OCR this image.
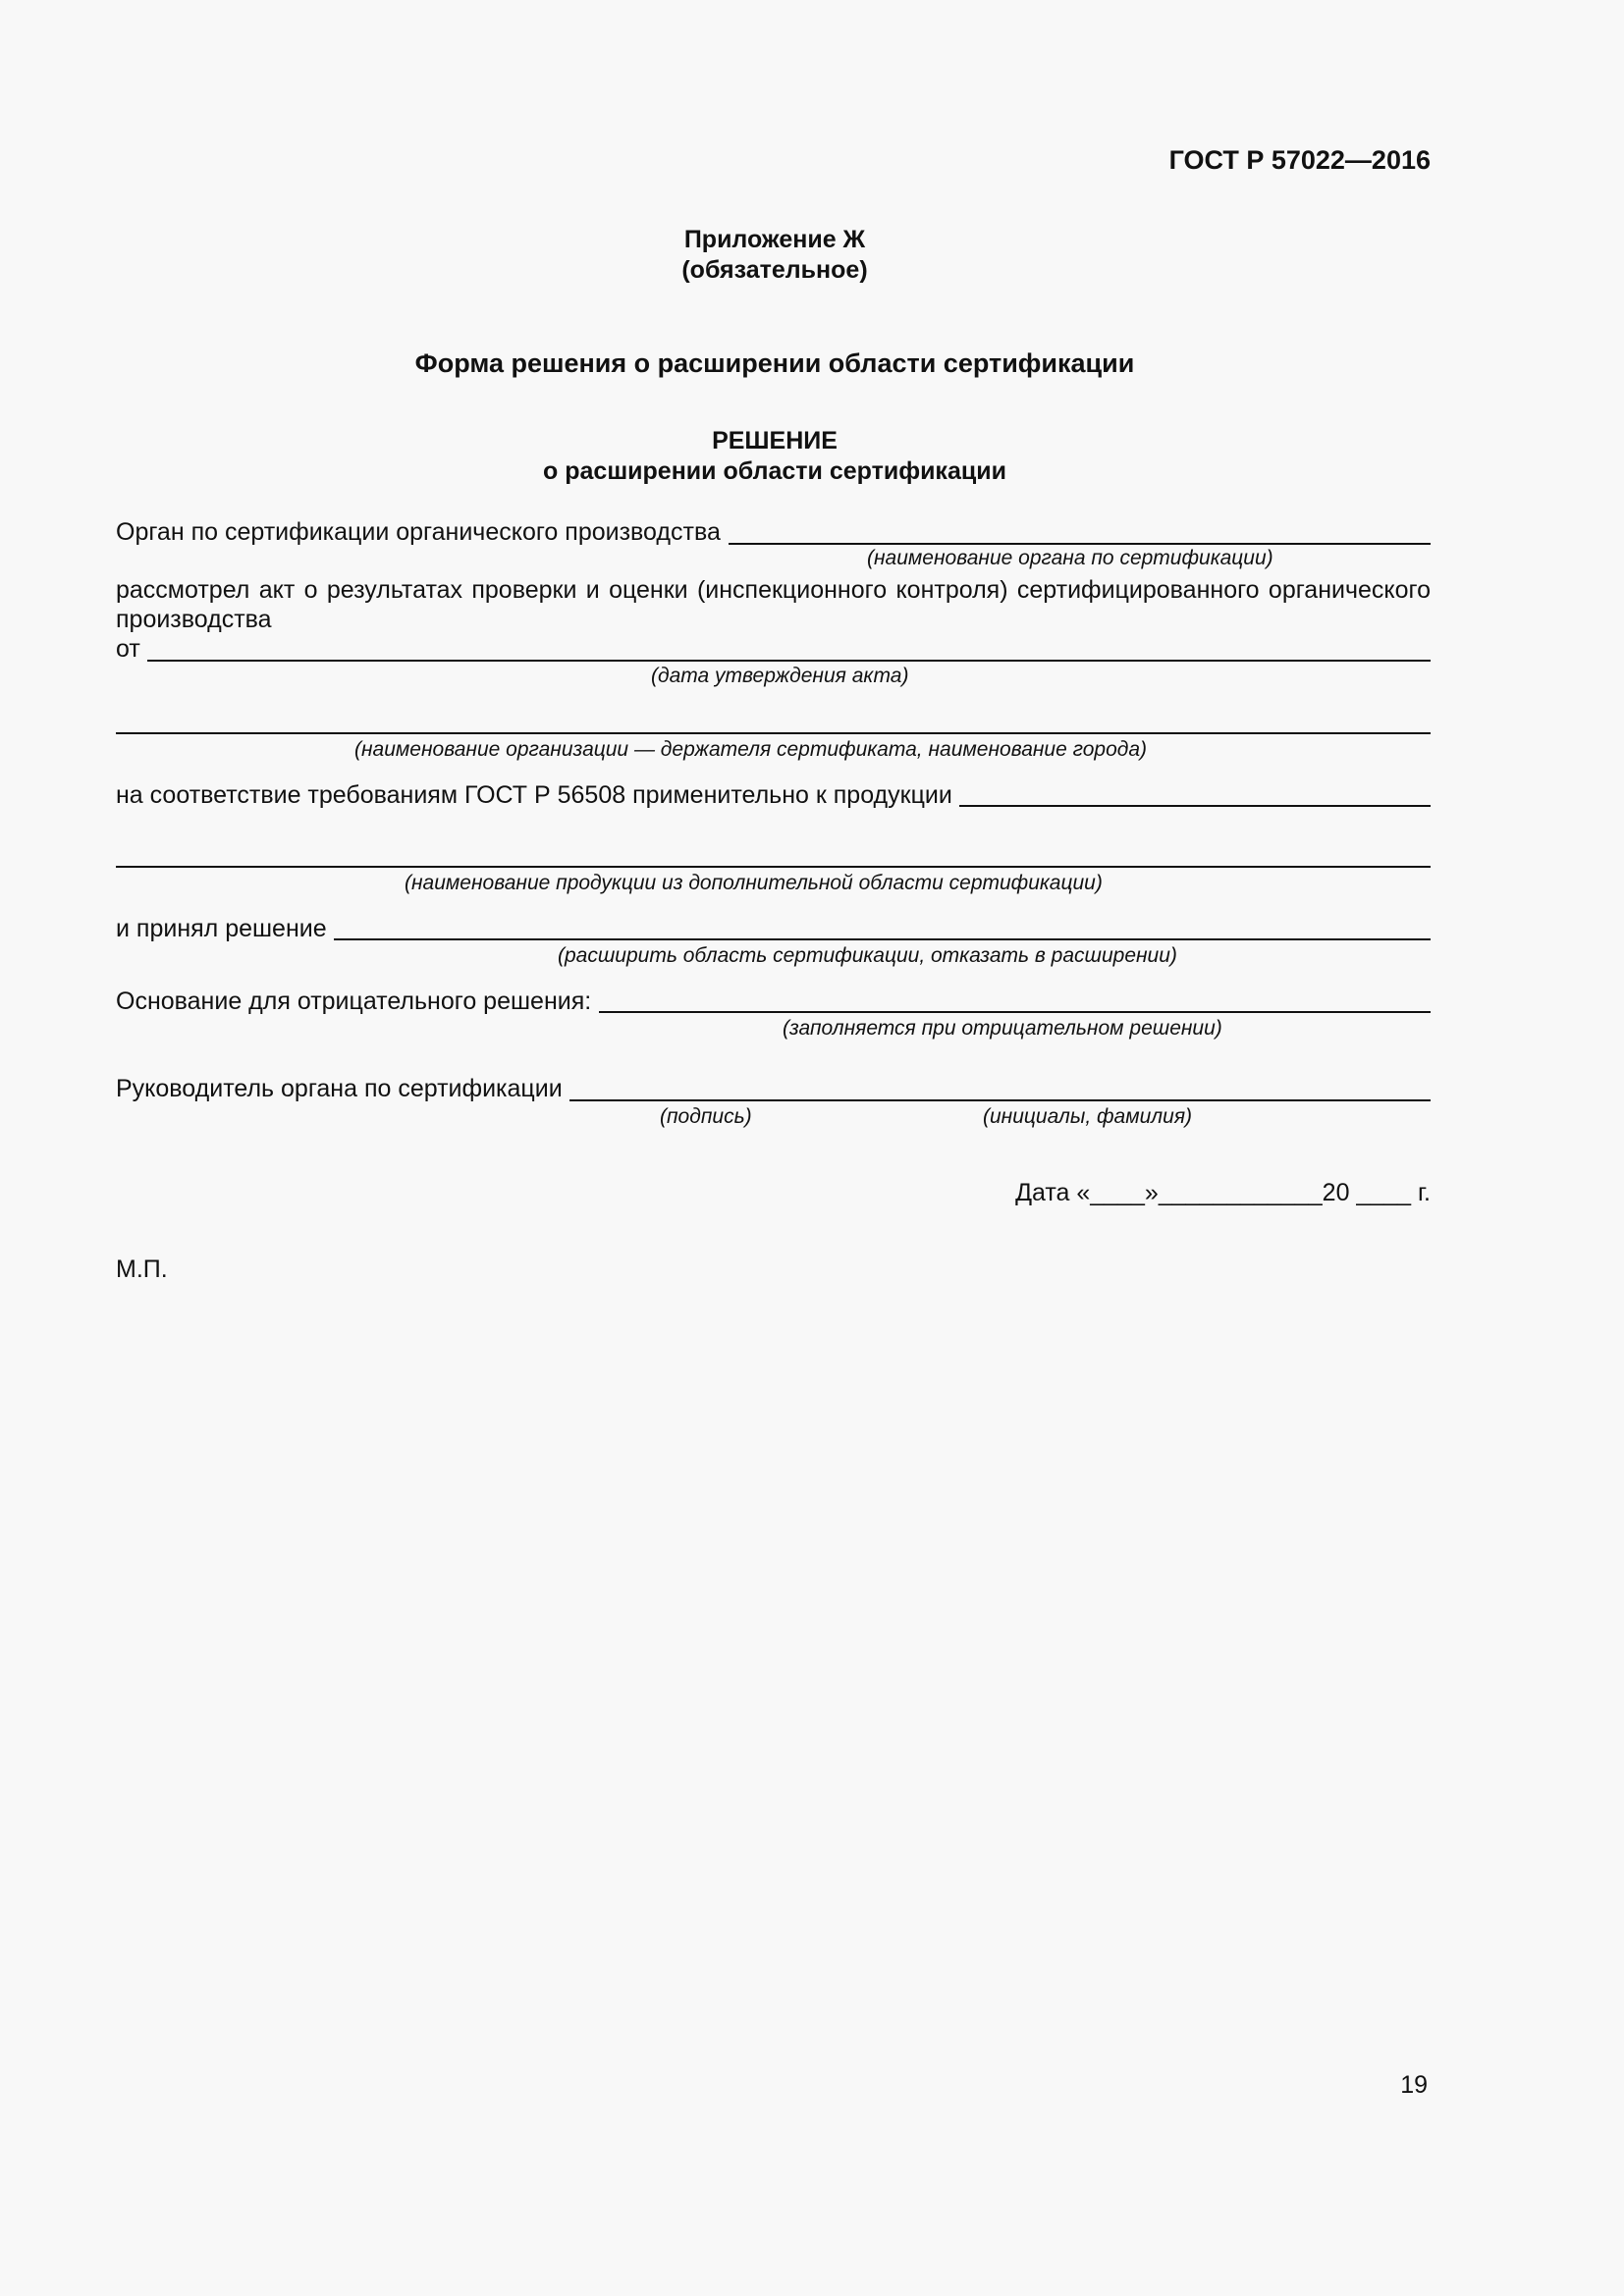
ГОСТ Р 57022—2016
Приложение Ж
(обязательное)
Форма решения о расширении области сертификации
РЕШЕНИЕ
о расширении области сертификации
Орган по сертификации органического производства
(наименование органа по сертификации)
рассмотрел акт о результатах проверки и оценки (инспекционного контроля) сертифицированного органического
производства
от
(дата утверждения акта)
(наименование организации — держателя сертификата, наименование города)
на соответствие требованиям ГОСТ Р 56508 применительно к продукции
(наименование продукции из дополнительной области сертификации)
и принял решение
(расширить область сертификации, отказать в расширении)
Основание для отрицательного решения:
(заполняется при отрицательном решении)
Руководитель органа по сертификации
(подпись)	(инициалы, фамилия)
Дата «____»____________20 ____ г.
М.П.
19
